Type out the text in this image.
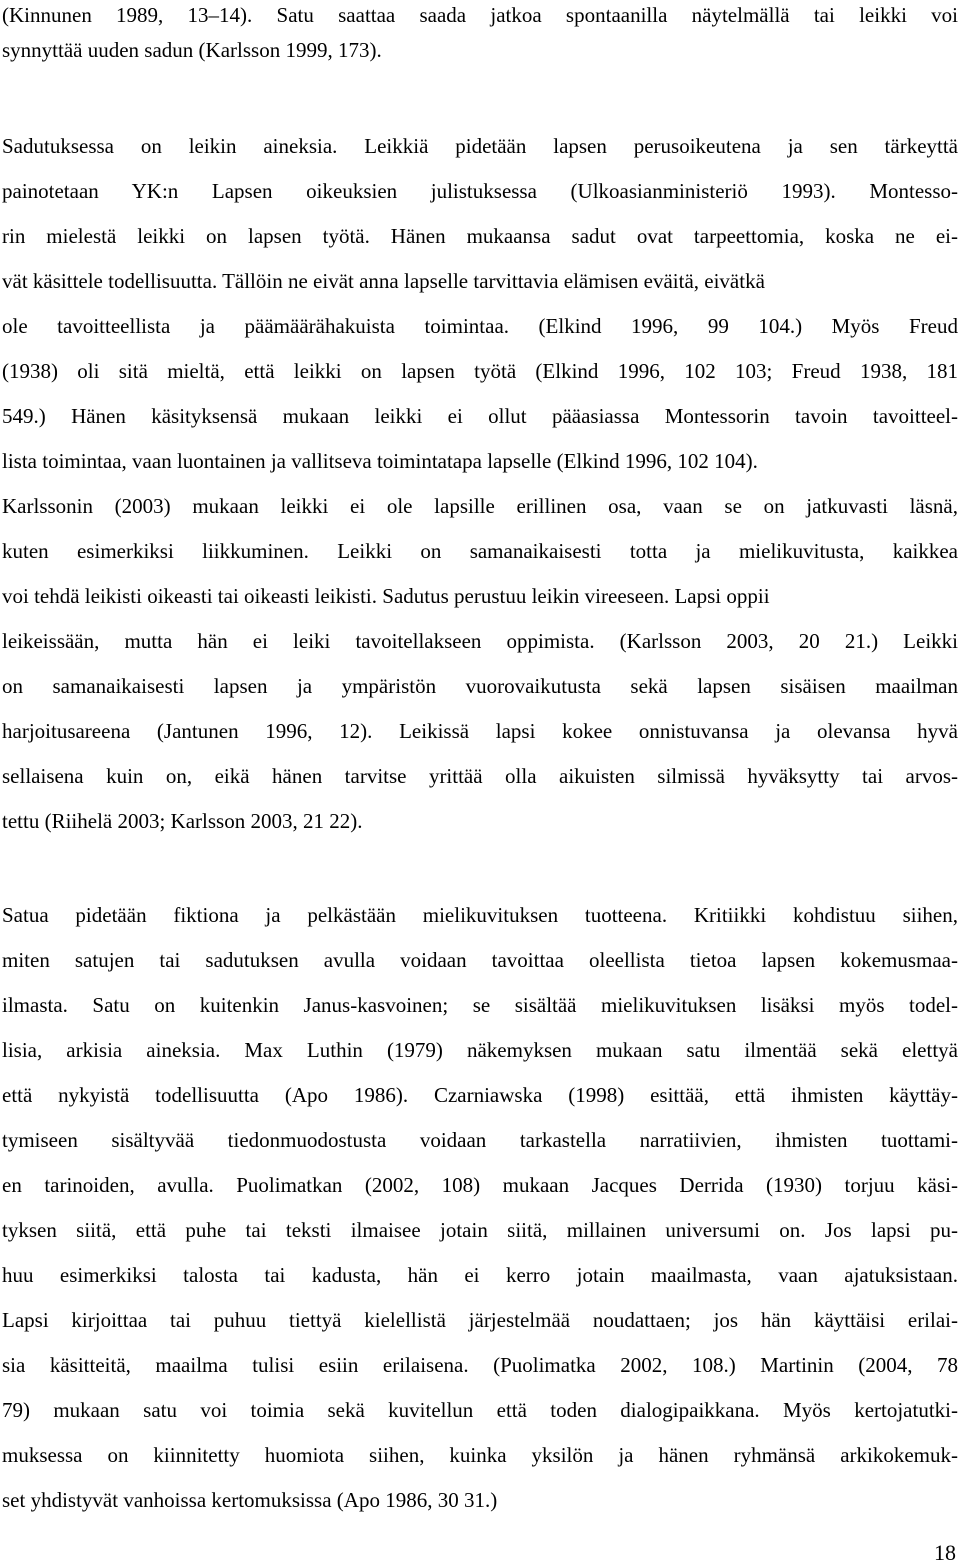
(Kinnunen 1989, 13–14). Satu saattaa saada jatkoa spontaanilla näytelmällä tai leikki voi
synnyttää uuden sadun (Karlsson 1999, 173).
Sadutuksessa on leikin aineksia. Leikkiä pidetään lapsen perusoikeutena ja sen tärkeyttä
painotetaan YK:n Lapsen oikeuksien julistuksessa (Ulkoasianministeriö 1993). Montesso-
rin mielestä leikki on lapsen työtä. Hänen mukaansa sadut ovat tarpeettomia, koska ne ei-
vät käsittele todellisuutta. Tällöin ne eivät anna lapselle tarvittavia elämisen eväitä, eivätkä
ole tavoitteellista ja päämäärähakuista toimintaa. (Elkind 1996, 99 104.) Myös Freud
(1938) oli sitä mieltä, että leikki on lapsen työtä (Elkind 1996, 102 103; Freud 1938, 181
549.) Hänen käsityksensä mukaan leikki ei ollut pääasiassa Montessorin tavoin tavoitteel-
lista toimintaa, vaan luontainen ja vallitseva toimintatapa lapselle (Elkind 1996, 102 104).
Karlssonin (2003) mukaan leikki ei ole lapsille erillinen osa, vaan se on jatkuvasti läsnä,
kuten esimerkiksi liikkuminen. Leikki on samanaikaisesti totta ja mielikuvitusta, kaikkea
voi tehdä leikisti oikeasti tai oikeasti leikisti. Sadutus perustuu leikin vireeseen. Lapsi oppii
leikeissään, mutta hän ei leiki tavoitellakseen oppimista. (Karlsson 2003, 20 21.) Leikki
on samanaikaisesti lapsen ja ympäristön vuorovaikutusta sekä lapsen sisäisen maailman
harjoitusareena (Jantunen 1996, 12). Leikissä lapsi kokee onnistuvansa ja olevansa hyvä
sellaisena kuin on, eikä hänen tarvitse yrittää olla aikuisten silmissä hyväksytty tai arvos-
tettu (Riihelä 2003; Karlsson 2003, 21 22).
Satua pidetään fiktiona ja pelkästään mielikuvituksen tuotteena. Kritiikki kohdistuu siihen,
miten satujen tai sadutuksen avulla voidaan tavoittaa oleellista tietoa lapsen kokemusmaa-
ilmasta. Satu on kuitenkin Janus-kasvoinen; se sisältää mielikuvituksen lisäksi myös todel-
lisia, arkisia aineksia. Max Luthin (1979) näkemyksen mukaan satu ilmentää sekä elettyä
että nykyistä todellisuutta (Apo 1986). Czarniawska (1998) esittää, että ihmisten käyttäy-
tymiseen sisältyvää tiedonmuodostusta voidaan tarkastella narratiivien, ihmisten tuottami-
en tarinoiden, avulla. Puolimatkan (2002, 108) mukaan Jacques Derrida (1930) torjuu käsi-
tyksen siitä, että puhe tai teksti ilmaisee jotain siitä, millainen universumi on. Jos lapsi pu-
huu esimerkiksi talosta tai kadusta, hän ei kerro jotain maailmasta, vaan ajatuksistaan.
Lapsi kirjoittaa tai puhuu tiettyä kielellistä järjestelmää noudattaen; jos hän käyttäisi erilai-
sia käsitteitä, maailma tulisi esiin erilaisena. (Puolimatka 2002, 108.) Martinin (2004, 78
79) mukaan satu voi toimia sekä kuvitellun että toden dialogipaikkana. Myös kertojatutki-
muksessa on kiinnitetty huomiota siihen, kuinka yksilön ja hänen ryhmänsä arkikokemuk-
set yhdistyvät vanhoissa kertomuksissa (Apo 1986, 30 31.)
18
